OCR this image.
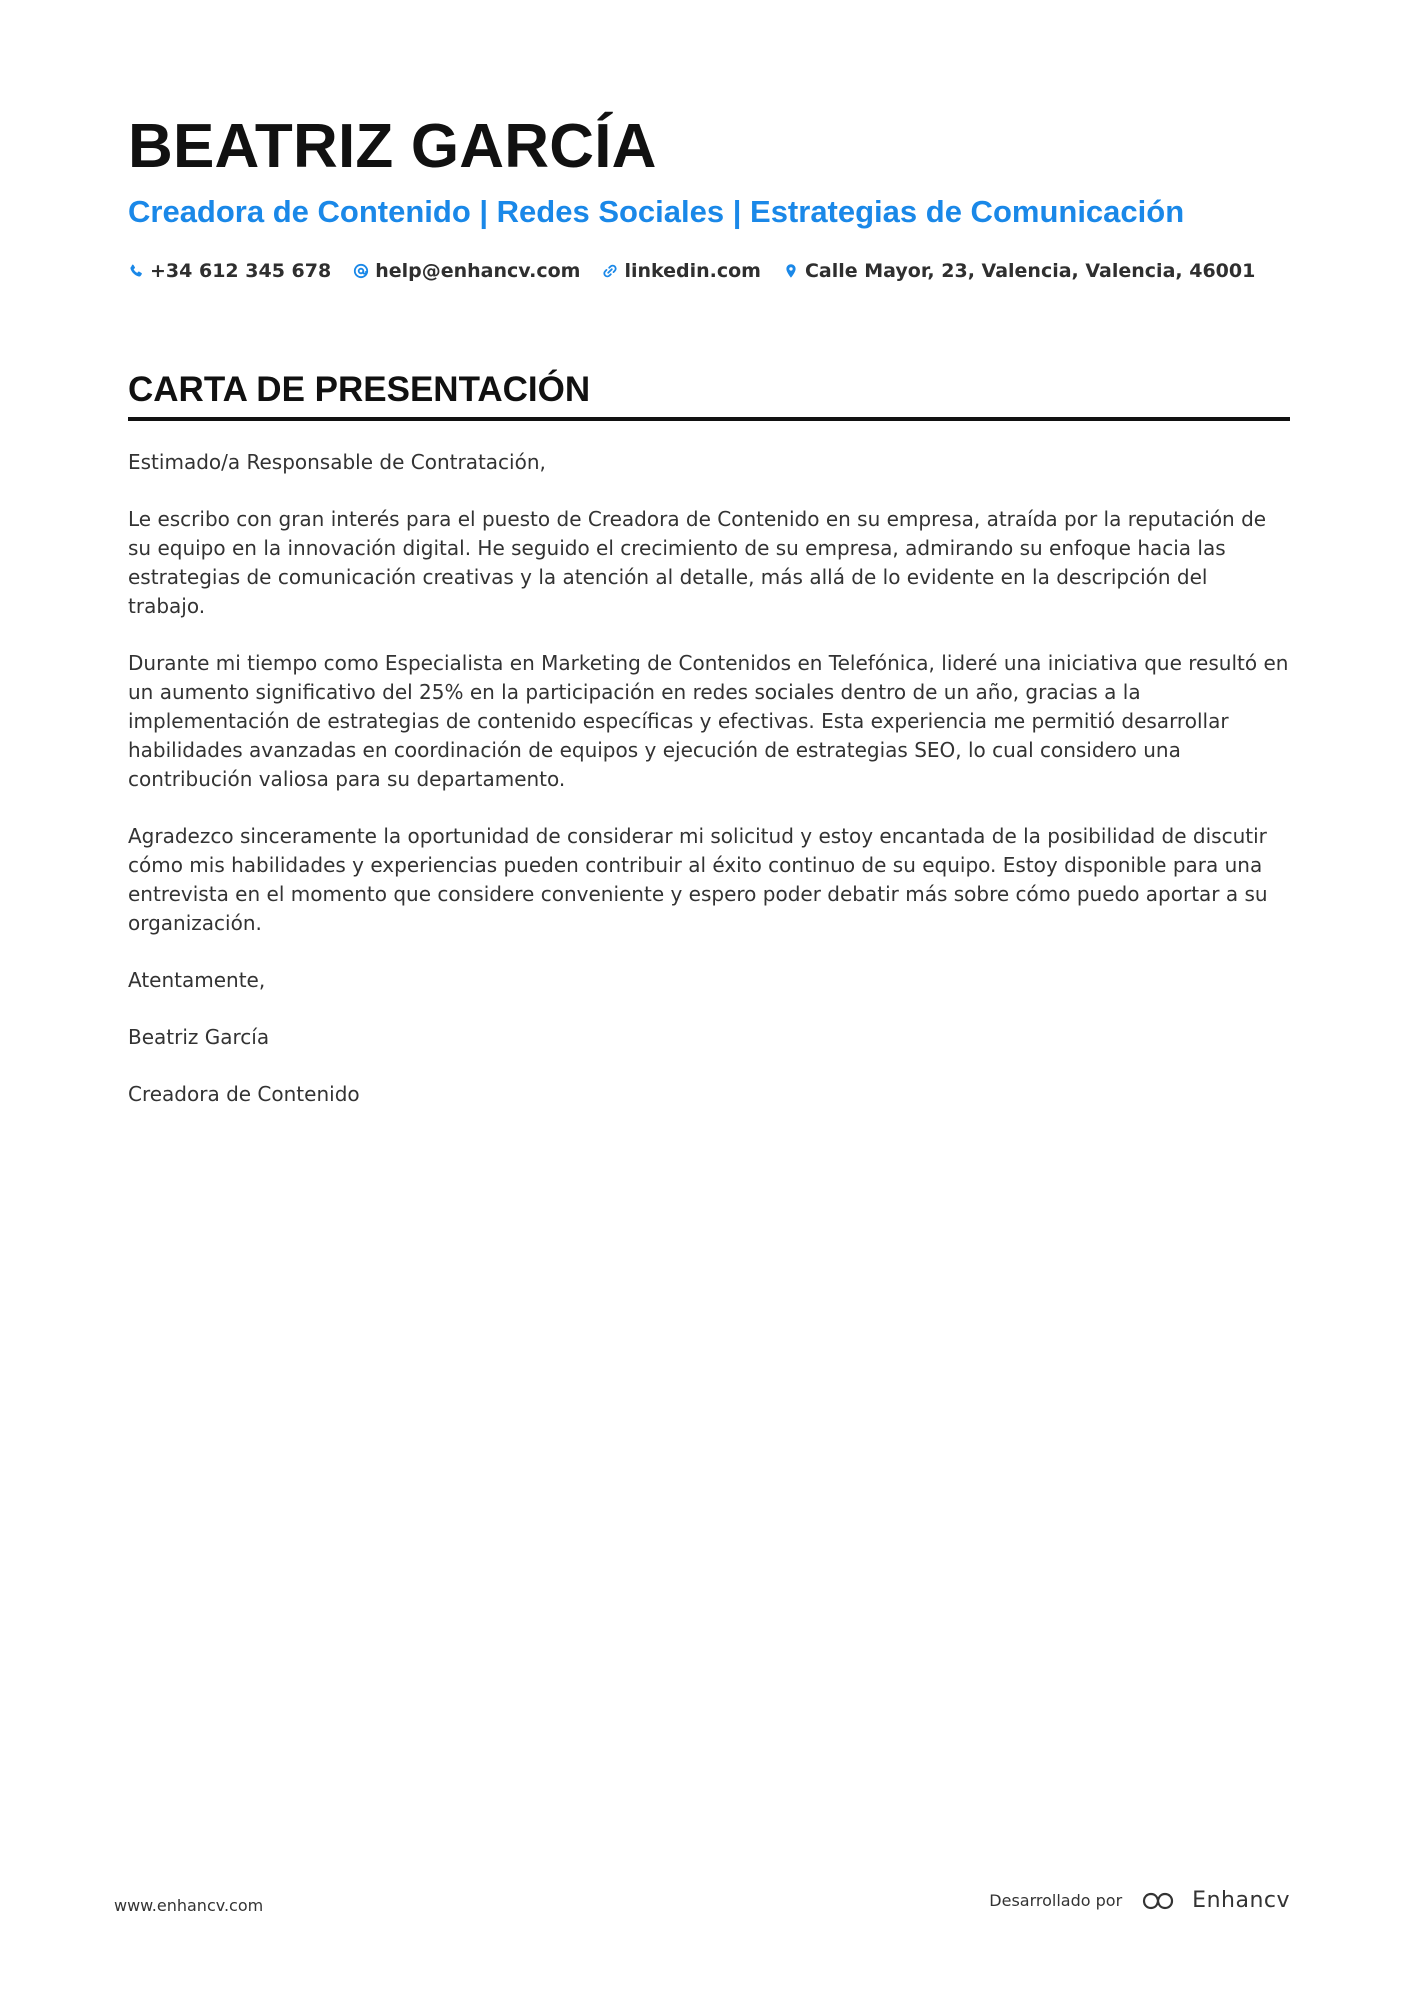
BEATRIZ GARCÍA
Creadora de Contenido | Redes Sociales | Estrategias de Comunicación
+34 612 345 678 help@enhancv.com linkedin.com Calle Mayor, 23, Valencia, Valencia, 46001
CARTA DE PRESENTACIÓN

Estimado/a Responsable de Contratación,

Le escribo con gran interés para el puesto de Creadora de Contenido en su empresa, atraída por la reputación de su equipo en la innovación digital. He seguido el crecimiento de su empresa, admirando su enfoque hacia las estrategias de comunicación creativas y la atención al detalle, más allá de lo evidente en la descripción del trabajo.

Durante mi tiempo como Especialista en Marketing de Contenidos en Telefónica, lideré una iniciativa que resultó en un aumento significativo del 25% en la participación en redes sociales dentro de un año, gracias a la implementación de estrategias de contenido específicas y efectivas. Esta experiencia me permitió desarrollar habilidades avanzadas en coordinación de equipos y ejecución de estrategias SEO, lo cual considero una contribución valiosa para su departamento.

Agradezco sinceramente la oportunidad de considerar mi solicitud y estoy encantada de la posibilidad de discutir cómo mis habilidades y experiencias pueden contribuir al éxito continuo de su equipo. Estoy disponible para una entrevista en el momento que considere conveniente y espero poder debatir más sobre cómo puedo aportar a su organización.

Atentamente,

Beatriz García

Creadora de Contenido

www.enhancv.com	Desarrollado por	Enhancv
